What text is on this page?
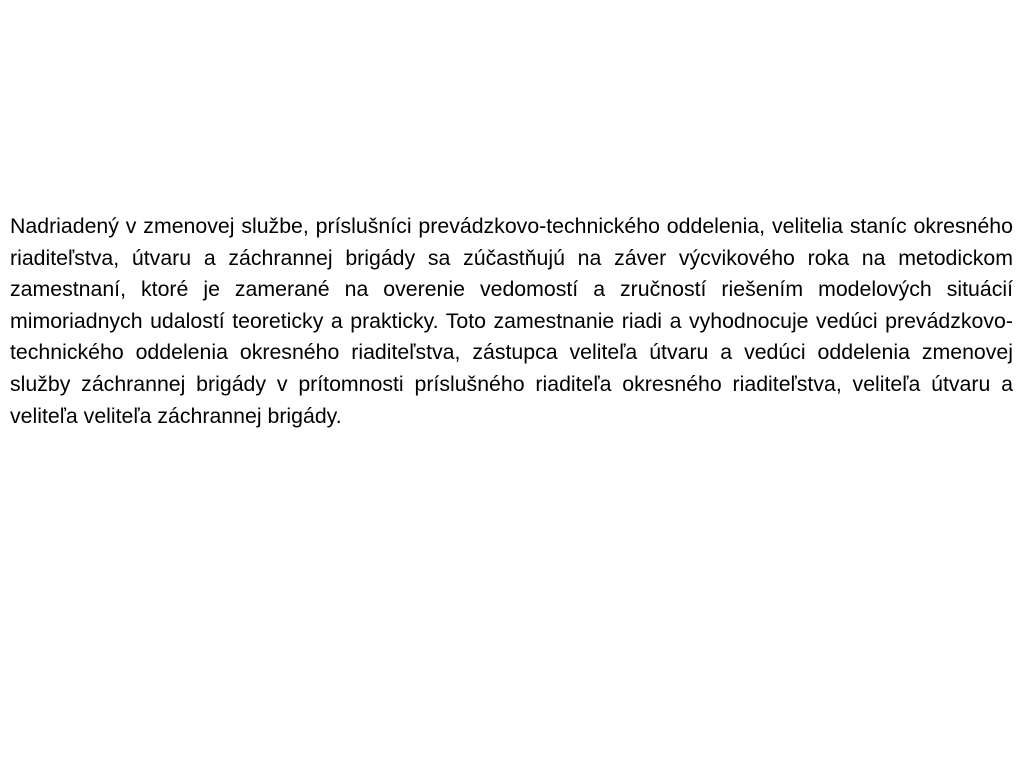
Nadriadený v zmenovej službe, príslušníci prevádzkovo-technického oddelenia, velitelia staníc okresného riaditeľstva, útvaru a záchrannej brigády sa zúčastňujú na záver výcvikového roka na metodickom zamestnaní, ktoré je zamerané na overenie vedomostí a zručností riešením modelových situácií mimoriadnych udalostí teoreticky a prakticky. Toto zamestnanie riadi a vyhodnocuje vedúci prevádzkovo-technického oddelenia okresného riaditeľstva, zástupca veliteľa útvaru a vedúci oddelenia zmenovej služby záchrannej brigády v prítomnosti príslušného riaditeľa okresného riaditeľstva, veliteľa útvaru a veliteľa veliteľa záchrannej brigády.
